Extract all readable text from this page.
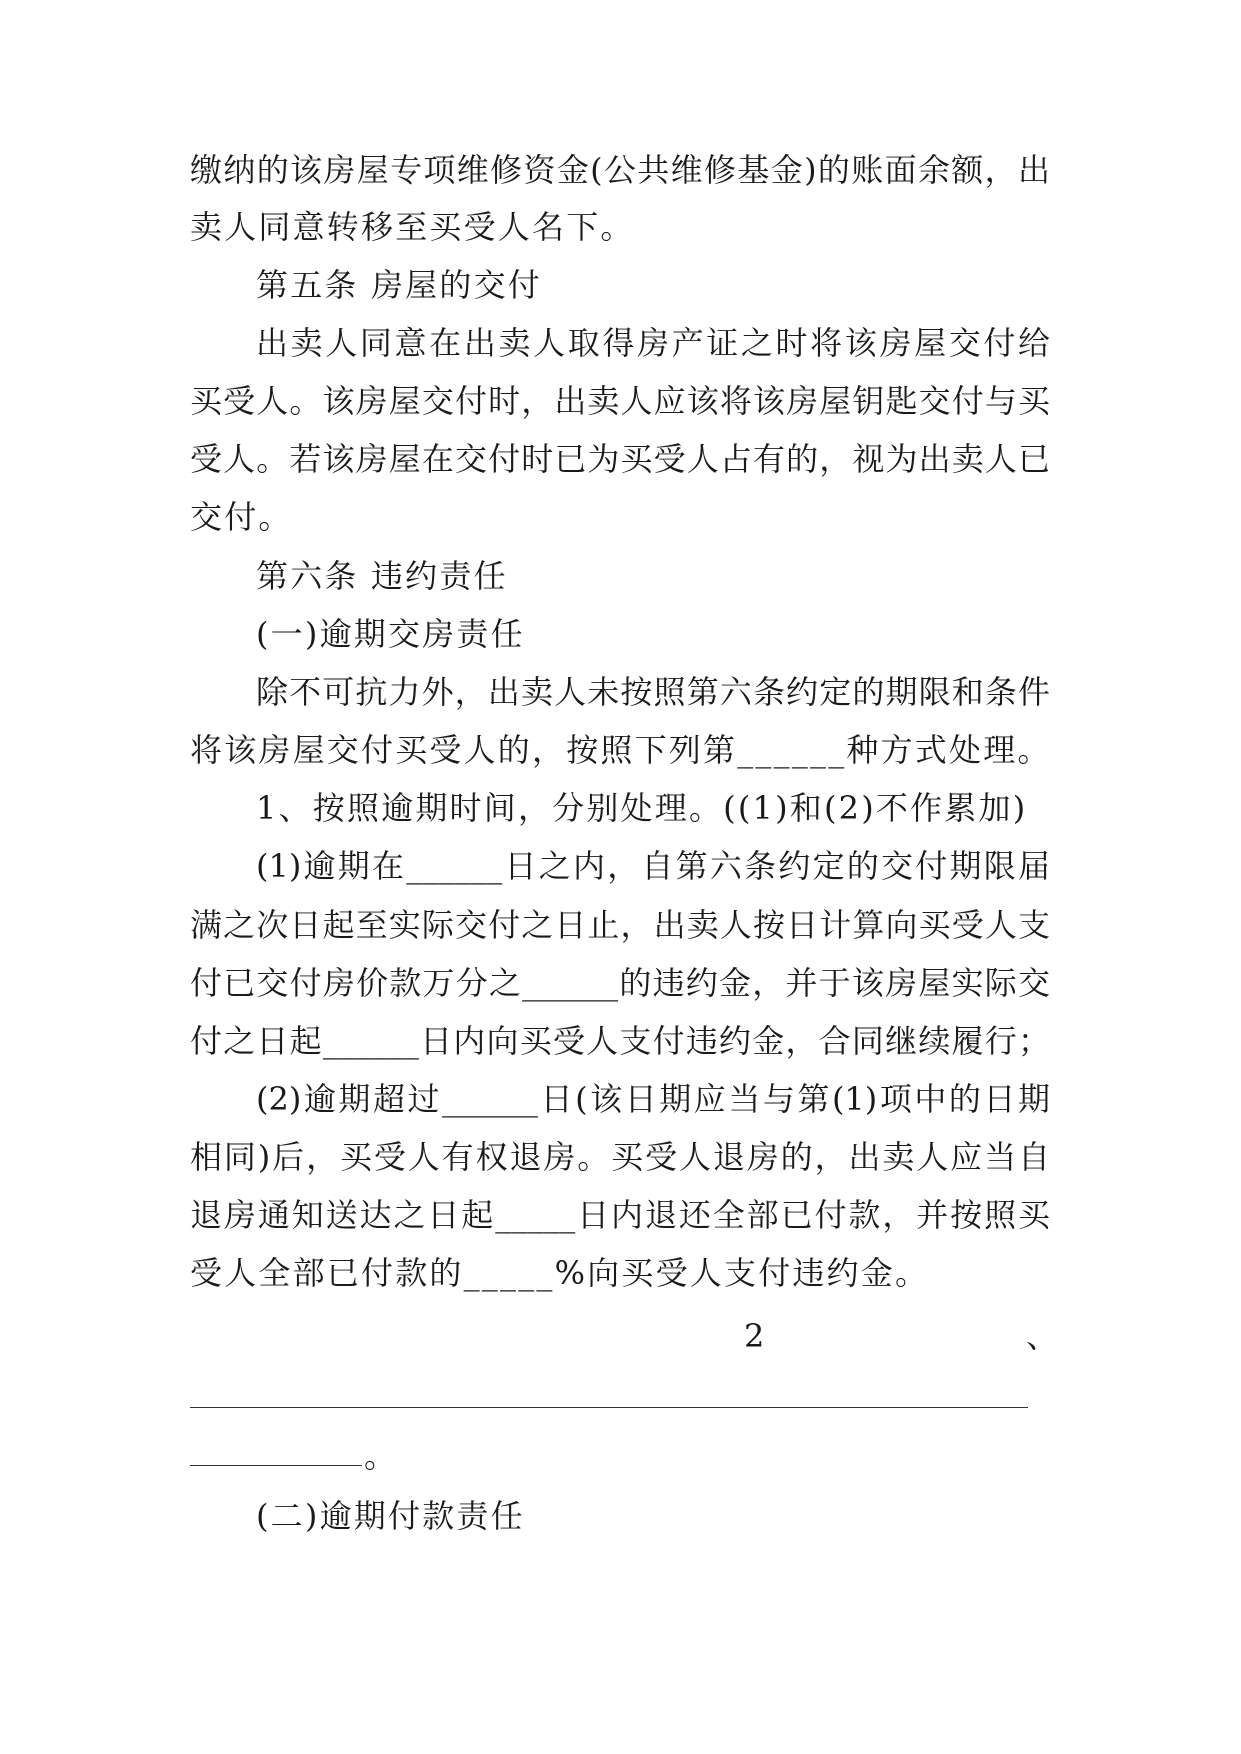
缴纳的该房屋专项维修资金(公共维修基金)的账面余额，出
卖人同意转移至买受人名下。
第五条 房屋的交付
出卖人同意在出卖人取得房产证之时将该房屋交付给
买受人。该房屋交付时，出卖人应该将该房屋钥匙交付与买
受人。若该房屋在交付时已为买受人占有的，视为出卖人已
交付。
第六条 违约责任
(一)逾期交房责任
除不可抗力外，出卖人未按照第六条约定的期限和条件
将该房屋交付买受人的，按照下列第______种方式处理。
1、按照逾期时间，分别处理。((1)和(2)不作累加)
(1)逾期在______日之内，自第六条约定的交付期限届
满之次日起至实际交付之日止，出卖人按日计算向买受人支
付已交付房价款万分之______的违约金，并于该房屋实际交
付之日起______日内向买受人支付违约金，合同继续履行；
(2)逾期超过______日(该日期应当与第(1)项中的日期
相同)后，买受人有权退房。买受人退房的，出卖人应当自
退房通知送达之日起_____日内退还全部已付款，并按照买
受人全部已付款的_____%向买受人支付违约金。
2	、
。
(二)逾期付款责任
